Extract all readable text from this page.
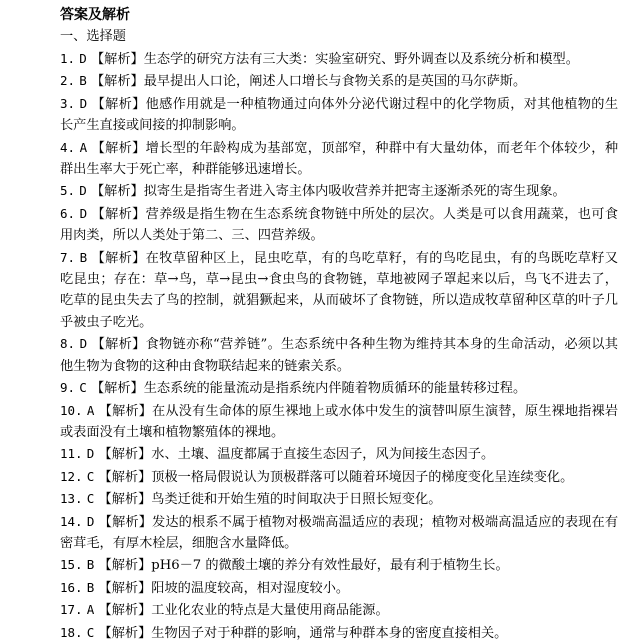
答案及解析
一、选择题
1. D 【解析】生态学的研究方法有三大类：实验室研究、野外调查以及系统分析和模型。
2. B 【解析】最早提出人口论，阐述人口增长与食物关系的是英国的马尔萨斯。
3. D 【解析】他感作用就是一种植物通过向体外分泌代谢过程中的化学物质，对其他植物的生长产生直接或间接的抑制影响。
4. A 【解析】增长型的年龄构成为基部宽，顶部窄，种群中有大量幼体，而老年个体较少，种群出生率大于死亡率，种群能够迅速增长。
5. D 【解析】拟寄生是指寄生者进入寄主体内吸收营养并把寄主逐渐杀死的寄生现象。
6. D 【解析】营养级是指生物在生态系统食物链中所处的层次。人类是可以食用蔬菜，也可食用肉类，所以人类处于第二、三、四营养级。
7. B 【解析】在牧草留种区上，昆虫吃草，有的鸟吃草籽，有的鸟吃昆虫，有的鸟既吃草籽又吃昆虫；存在：草→鸟，草→昆虫→食虫鸟的食物链，草地被网子罩起来以后，鸟飞不进去了，吃草的昆虫失去了鸟的控制，就猖獗起来，从而破坏了食物链，所以造成牧草留种区草的叶子几乎被虫子吃光。
8. D 【解析】食物链亦称“营养链”。生态系统中各种生物为维持其本身的生命活动，必须以其他生物为食物的这种由食物联结起来的链索关系。
9. C 【解析】生态系统的能量流动是指系统内伴随着物质循环的能量转移过程。
10. A 【解析】在从没有生命体的原生裸地上或水体中发生的演替叫原生演替，原生裸地指裸岩或表面没有土壤和植物繁殖体的裸地。
11. D 【解析】水、土壤、温度都属于直接生态因子，风为间接生态因子。
12. C 【解析】顶极一格局假说认为顶极群落可以随着环境因子的梯度变化呈连续变化。
13. C 【解析】鸟类迁徙和开始生殖的时间取决于日照长短变化。
14. D 【解析】发达的根系不属于植物对极端高温适应的表现；植物对极端高温适应的表现在有密茸毛，有厚木栓层，细胞含水量降低。
15. B 【解析】pH6－7 的微酸土壤的养分有效性最好，最有利于植物生长。
16. B 【解析】阳坡的温度较高，相对湿度较小。
17. A 【解析】工业化农业的特点是大量使用商品能源。
18. C 【解析】生物因子对于种群的影响，通常与种群本身的密度直接相关。
